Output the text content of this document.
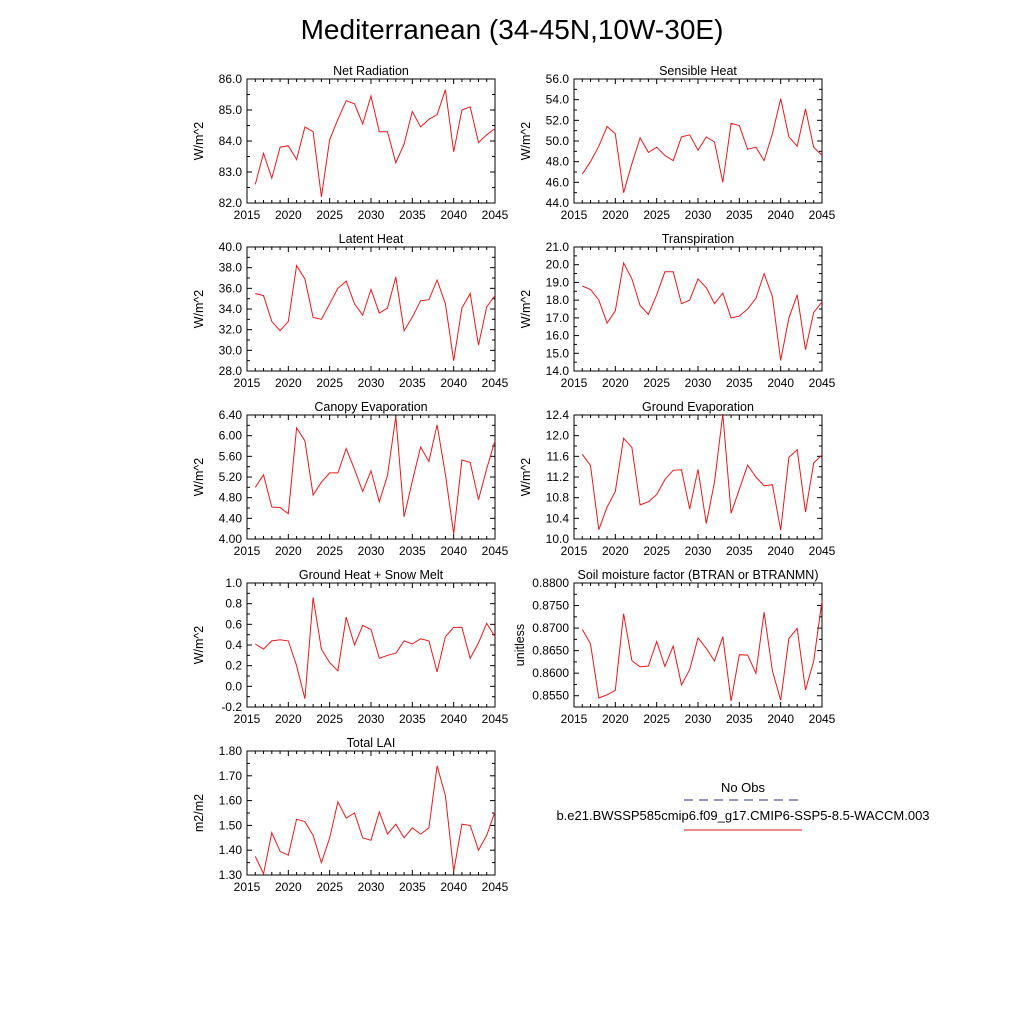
Mediterranean (34-45N,10W-30E)
82.0
83.0
84.0
85.0
86.0
2015 2020 2025 2030 2035 2040 2045
Net Radiation
W/m^2
44.0
46.0
48.0
50.0
52.0
54.0
56.0
2015 2020 2025 2030 2035 2040 2045
Sensible Heat
W/m^2
28.0
30.0
32.0
34.0
36.0
38.0
40.0
2015 2020 2025 2030 2035 2040 2045
Latent Heat
W/m^2
14.0
15.0
16.0
17.0
18.0
19.0
20.0
21.0
2015 2020 2025 2030 2035 2040 2045
Transpiration
W/m^2
4.00
4.40
4.80
5.20
5.60
6.00
6.40
2015 2020 2025 2030 2035 2040 2045
Canopy Evaporation
W/m^2
10.0
10.4
10.8
11.2
11.6
12.0
12.4
2015 2020 2025 2030 2035 2040 2045
Ground Evaporation
W/m^2
-0.2
0.0
0.2
0.4
0.6
0.8
1.0
2015 2020 2025 2030 2035 2040 2045
Ground Heat + Snow Melt
W/m^2
0.8550
0.8600
0.8650
0.8700
0.8750
0.8800
2015 2020 2025 2030 2035 2040 2045
Soil moisture factor (BTRAN or BTRANMN)
unitless
1.30
1.40
1.50
1.60
1.70
1.80
2015 2020 2025 2030 2035 2040 2045
Total LAI
m2/m2
No Obs
b.e21.BWSSP585cmip6.f09_g17.CMIP6-SSP5-8.5-WACCM.003
